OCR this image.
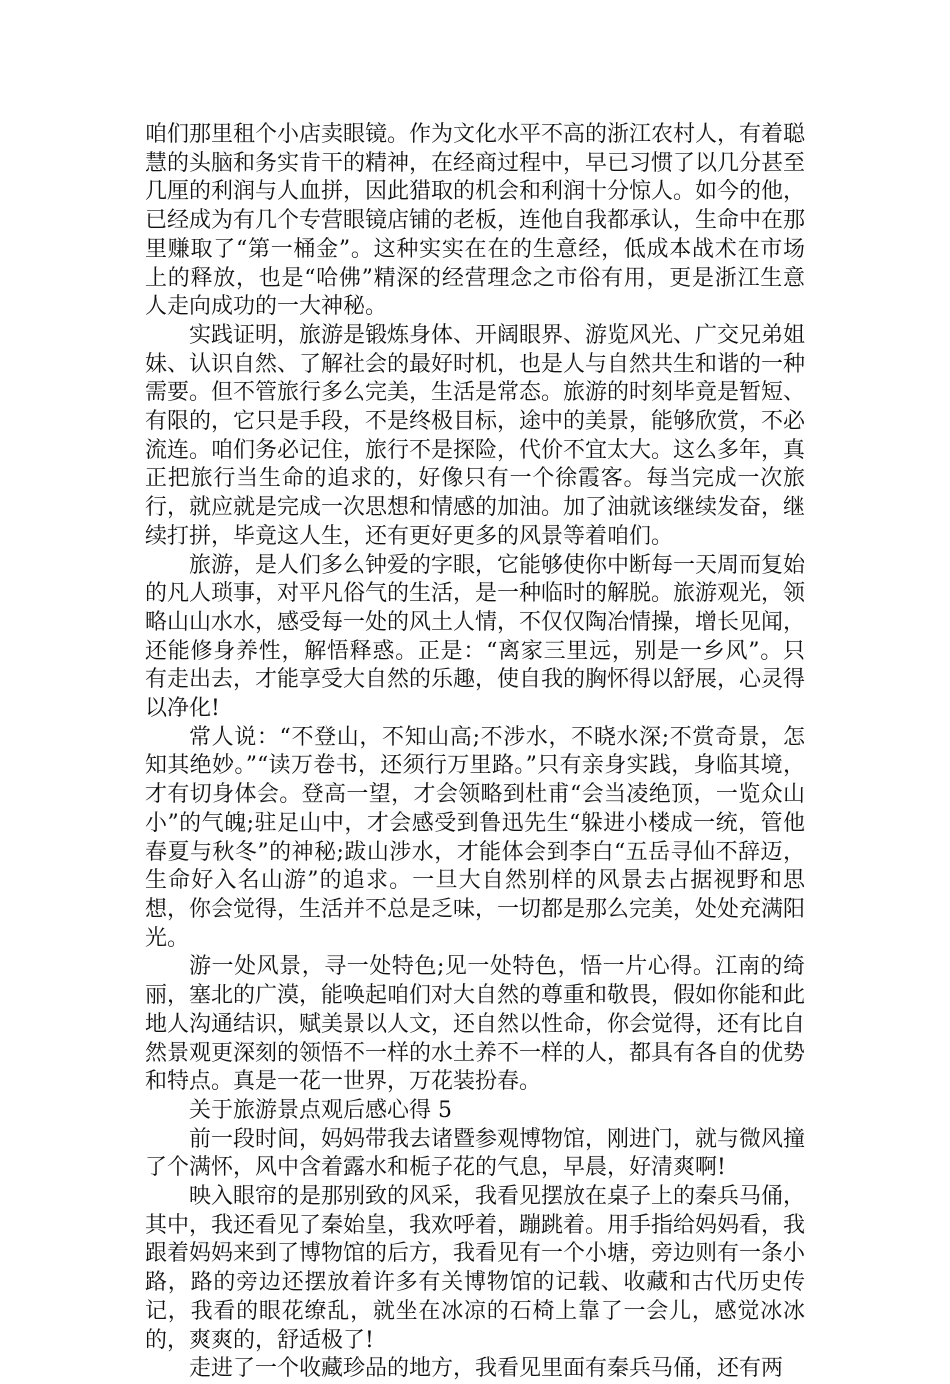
咱们那里租个小店卖眼镜。作为文化水平不高的浙江农村人，有着聪慧的头脑和务实肯干的精神，在经商过程中，早已习惯了以几分甚至几厘的利润与人血拼，因此猎取的机会和利润十分惊人。如今的他，已经成为有几个专营眼镜店铺的老板，连他自我都承认，生命中在那里赚取了“第一桶金”。这种实实在在的生意经，低成本战术在市场上的释放，也是“哈佛”精深的经营理念之市俗有用，更是浙江生意人走向成功的一大神秘。

实践证明，旅游是锻炼身体、开阔眼界、游览风光、广交兄弟姐妹、认识自然、了解社会的最好时机，也是人与自然共生和谐的一种需要。但不管旅行多么完美，生活是常态。旅游的时刻毕竟是暂短、有限的，它只是手段，不是终极目标，途中的美景，能够欣赏，不必流连。咱们务必记住，旅行不是探险，代价不宜太大。这么多年，真正把旅行当生命的追求的，好像只有一个徐霞客。每当完成一次旅行，就应就是完成一次思想和情感的加油。加了油就该继续发奋，继续打拼，毕竟这人生，还有更好更多的风景等着咱们。

旅游，是人们多么钟爱的字眼，它能够使你中断每一天周而复始的凡人琐事，对平凡俗气的生活，是一种临时的解脱。旅游观光，领略山山水水，感受每一处的风土人情，不仅仅陶冶情操，增长见闻，还能修身养性，解悟释惑。正是：“离家三里远，别是一乡风”。只有走出去，才能享受大自然的乐趣，使自我的胸怀得以舒展，心灵得以净化!

常人说：“不登山，不知山高;不涉水，不晓水深;不赏奇景，怎知其绝妙。”“读万卷书，还须行万里路。”只有亲身实践，身临其境，才有切身体会。登高一望，才会领略到杜甫“会当凌绝顶，一览众山小”的气魄;驻足山中，才会感受到鲁迅先生“躲进小楼成一统，管他春夏与秋冬”的神秘;跋山涉水，才能体会到李白“五岳寻仙不辞迈，生命好入名山游”的追求。一旦大自然别样的风景去占据视野和思想，你会觉得，生活并不总是乏味，一切都是那么完美，处处充满阳光。

游一处风景，寻一处特色;见一处特色，悟一片心得。江南的绮丽，塞北的广漠，能唤起咱们对大自然的尊重和敬畏，假如你能和此地人沟通结识，赋美景以人文，还自然以性命，你会觉得，还有比自然景观更深刻的领悟不一样的水土养不一样的人，都具有各自的优势和特点。真是一花一世界，万花装扮春。

关于旅游景点观后感心得 5

前一段时间，妈妈带我去诸暨参观博物馆，刚进门，就与微风撞了个满怀，风中含着露水和栀子花的气息，早晨，好清爽啊!

映入眼帘的是那别致的风采，我看见摆放在桌子上的秦兵马俑，其中，我还看见了秦始皇，我欢呼着，蹦跳着。用手指给妈妈看，我跟着妈妈来到了博物馆的后方，我看见有一个小塘，旁边则有一条小路，路的旁边还摆放着许多有关博物馆的记载、收藏和古代历史传记，我看的眼花缭乱，就坐在冰凉的石椅上靠了一会儿，感觉冰冰的，爽爽的，舒适极了!

走进了一个收藏珍品的地方，我看见里面有秦兵马俑，还有两
